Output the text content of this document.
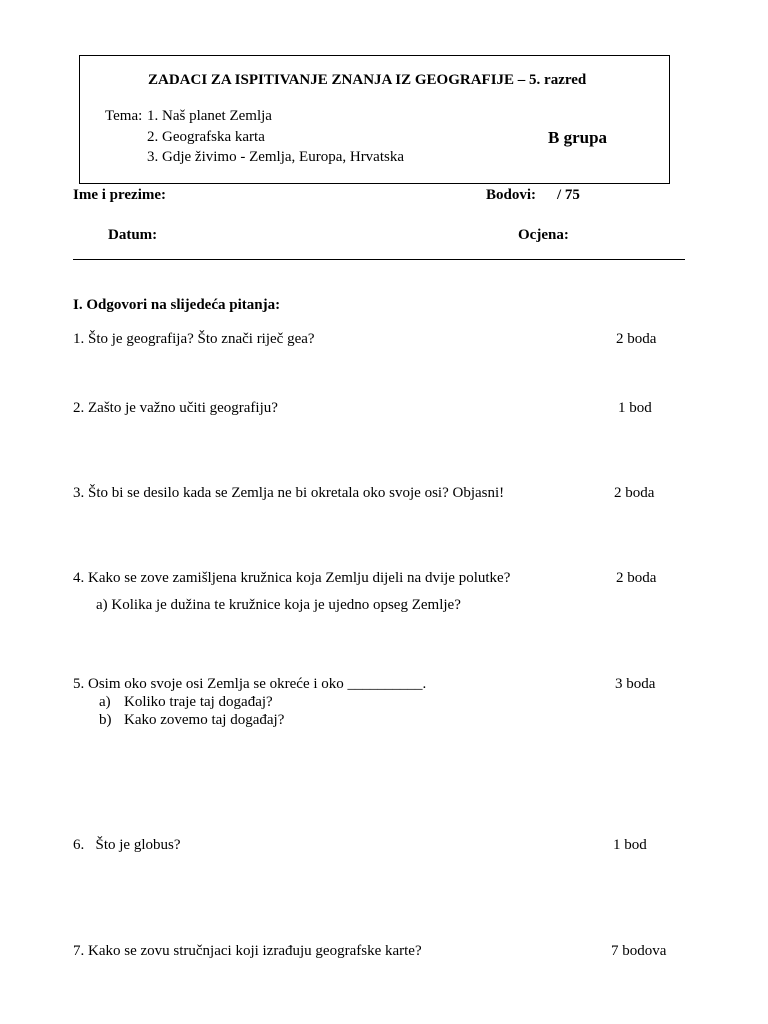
ZADACI ZA ISPITIVANJE ZNANJA IZ GEOGRAFIJE – 5. razred
Tema: 1. Naš planet Zemlja
2. Geografska karta
3. Gdje živimo - Zemlja, Europa, Hrvatska
B grupa
Ime i prezime:	Bodovi: / 75
Datum:	Ocjena:
I. Odgovori na slijedeća pitanja:
1. Što je geografija? Što znači riječ gea?	2 boda
2. Zašto je važno učiti geografiju?	1 bod
3. Što bi se desilo kada se Zemlja ne bi okretala oko svoje osi? Objasni!	2 boda
4. Kako se zove zamišljena kružnica koja Zemlju dijeli na dvije polutke?	2 boda
a) Kolika je dužina te kružnice koja je ujedno opseg Zemlje?
5. Osim oko svoje osi Zemlja se okreće i oko __________.	3 boda
a) Koliko traje taj događaj?
b) Kako zovemo taj događaj?
6.   Što je globus?	1 bod
7. Kako se zovu stručnjaci koji izrađuju geografske karte?	7 bodova
